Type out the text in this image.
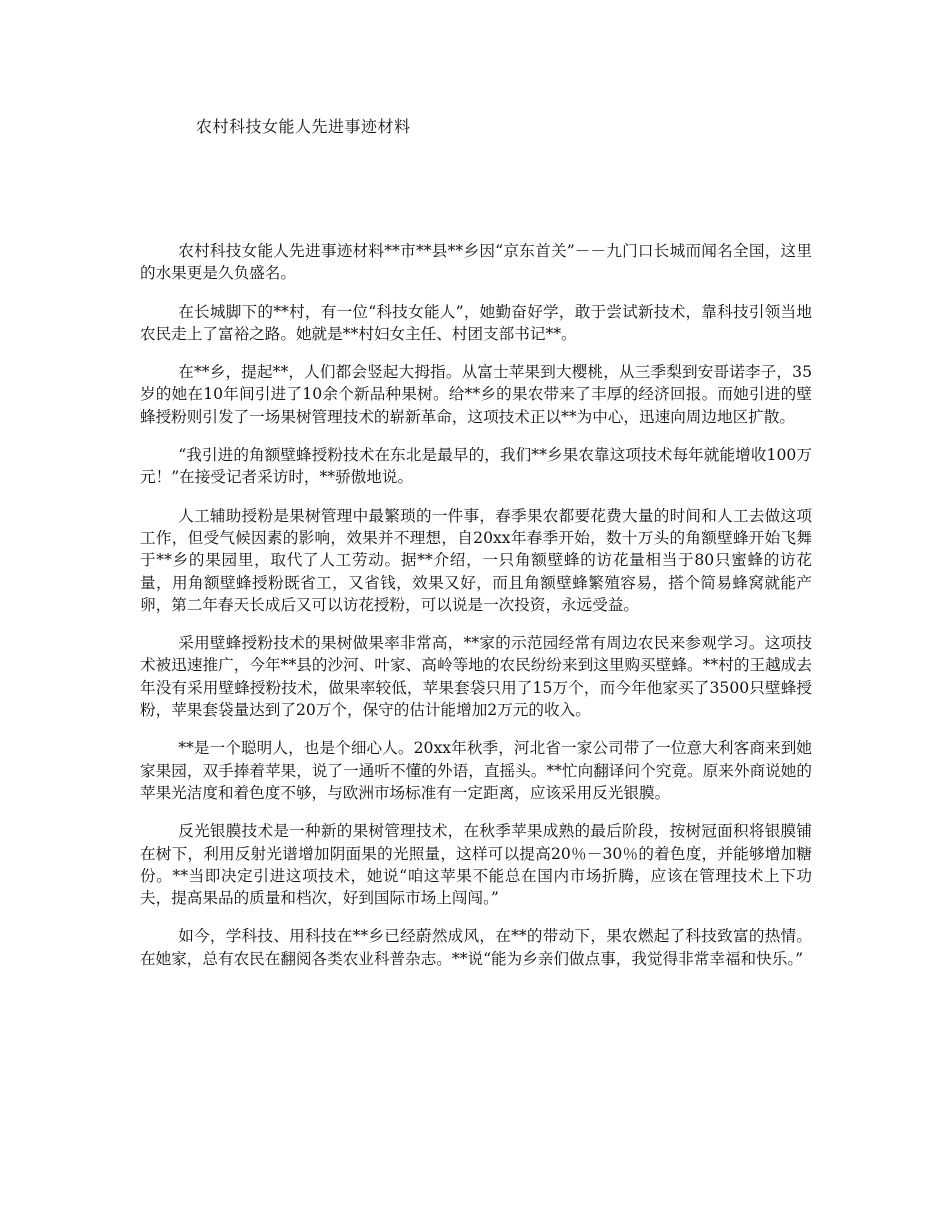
农村科技女能人先进事迹材料

农村科技女能人先进事迹材料**市**县**乡因“京东首关”－－九门口长城而闻名全国，这里的水果更是久负盛名。

在长城脚下的**村，有一位“科技女能人”，她勤奋好学，敢于尝试新技术，靠科技引领当地农民走上了富裕之路。她就是**村妇女主任、村团支部书记**。

在**乡，提起**，人们都会竖起大拇指。从富士苹果到大樱桃，从三季梨到安哥诺李子，35岁的她在10年间引进了10余个新品种果树。给**乡的果农带来了丰厚的经济回报。而她引进的壁蜂授粉则引发了一场果树管理技术的崭新革命，这项技术正以**为中心，迅速向周边地区扩散。

“我引进的角额壁蜂授粉技术在东北是最早的，我们**乡果农靠这项技术每年就能增收100万元！”在接受记者采访时，**骄傲地说。

人工辅助授粉是果树管理中最繁琐的一件事，春季果农都要花费大量的时间和人工去做这项工作，但受气候因素的影响，效果并不理想，自20xx年春季开始，数十万头的角额壁蜂开始飞舞于**乡的果园里，取代了人工劳动。据**介绍，一只角额壁蜂的访花量相当于80只蜜蜂的访花量，用角额壁蜂授粉既省工，又省钱，效果又好，而且角额壁蜂繁殖容易，搭个简易蜂窝就能产卵，第二年春天长成后又可以访花授粉，可以说是一次投资，永远受益。

采用壁蜂授粉技术的果树做果率非常高，**家的示范园经常有周边农民来参观学习。这项技术被迅速推广，今年**县的沙河、叶家、高岭等地的农民纷纷来到这里购买壁蜂。**村的王越成去年没有采用壁蜂授粉技术，做果率较低，苹果套袋只用了15万个，而今年他家买了3500只壁蜂授粉，苹果套袋量达到了20万个，保守的估计能增加2万元的收入。

**是一个聪明人，也是个细心人。20xx年秋季，河北省一家公司带了一位意大利客商来到她家果园，双手捧着苹果，说了一通听不懂的外语，直摇头。**忙向翻译问个究竟。原来外商说她的苹果光洁度和着色度不够，与欧洲市场标准有一定距离，应该采用反光银膜。

反光银膜技术是一种新的果树管理技术，在秋季苹果成熟的最后阶段，按树冠面积将银膜铺在树下，利用反射光谱增加阴面果的光照量，这样可以提高20％－30％的着色度，并能够增加糖份。**当即决定引进这项技术，她说“咱这苹果不能总在国内市场折腾，应该在管理技术上下功夫，提高果品的质量和档次，好到国际市场上闯闯。”

如今，学科技、用科技在**乡已经蔚然成风，在**的带动下，果农燃起了科技致富的热情。在她家，总有农民在翻阅各类农业科普杂志。**说“能为乡亲们做点事，我觉得非常幸福和快乐。”
